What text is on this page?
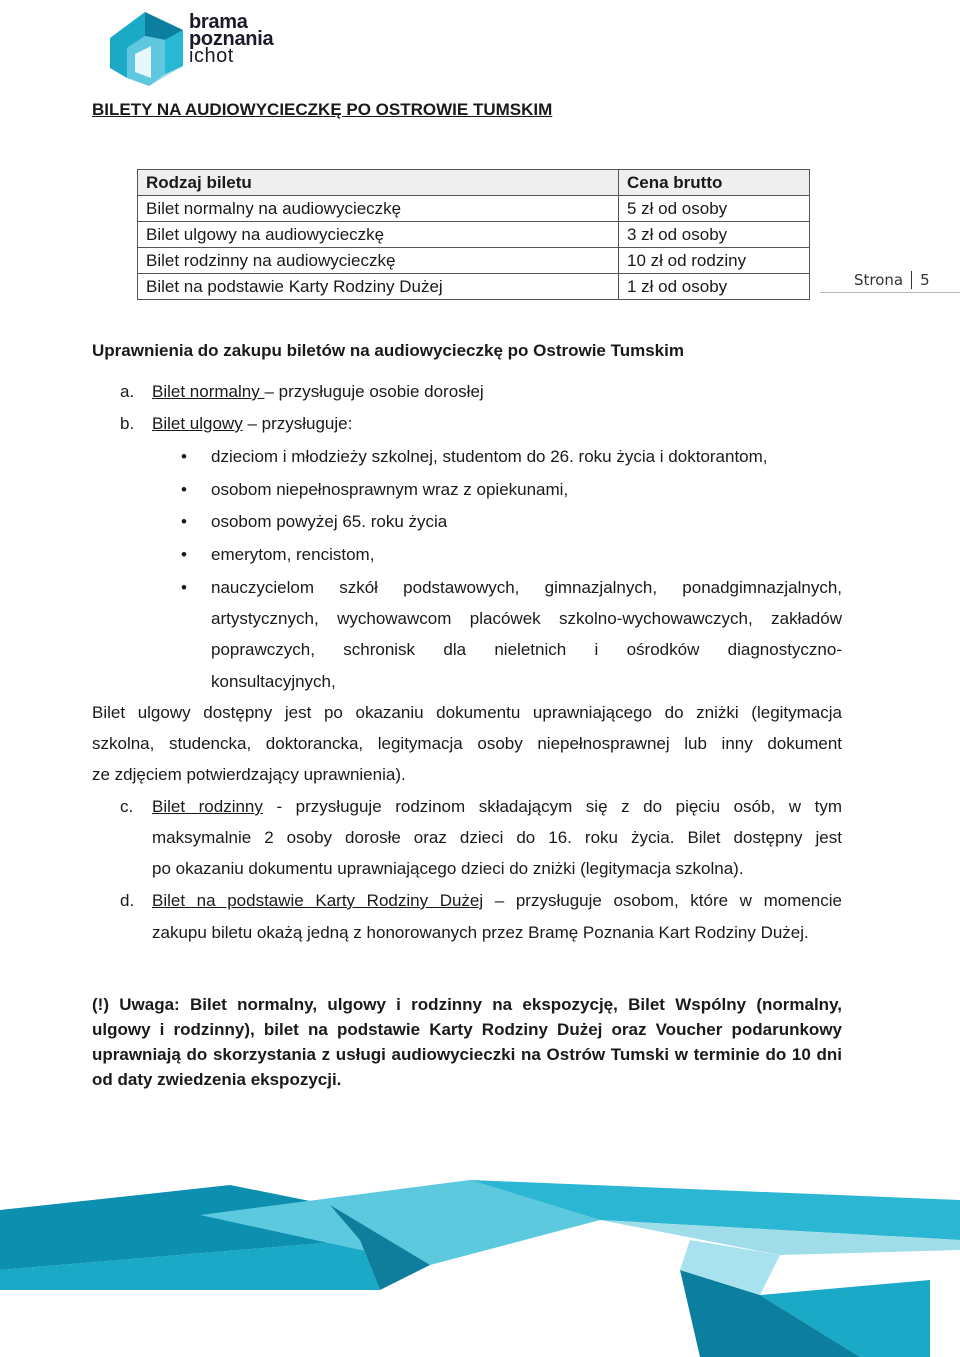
brama
poznania
ichot
BILETY NA AUDIOWYCIECZKĘ PO OSTROWIE TUMSKIM
Rodzaj biletu	Cena brutto
Bilet normalny na audiowycieczkę	5 zł od osoby
Bilet ulgowy na audiowycieczkę	3 zł od osoby
Bilet rodzinny na audiowycieczkę	10 zł od rodziny
Bilet na podstawie Karty Rodziny Dużej	1 zł od osoby	Strona 5
Uprawnienia do zakupu biletów na audiowycieczkę po Ostrowie Tumskim
a. Bilet normalny – przysługuje osobie dorosłej
b. Bilet ulgowy – przysługuje:
• dzieciom i młodzieży szkolnej, studentom do 26. roku życia i doktorantom,
• osobom niepełnosprawnym wraz z opiekunami,
• osobom powyżej 65. roku życia
• emerytom, rencistom,
• nauczycielom szkół podstawowych, gimnazjalnych, ponadgimnazjalnych,
artystycznych, wychowawcom placówek szkolno-wychowawczych, zakładów
poprawczych, schronisk dla nieletnich i ośrodków diagnostyczno-
konsultacyjnych,
Bilet ulgowy dostępny jest po okazaniu dokumentu uprawniającego do zniżki (legitymacja
szkolna, studencka, doktorancka, legitymacja osoby niepełnosprawnej lub inny dokument
ze zdjęciem potwierdzający uprawnienia).
c. Bilet rodzinny - przysługuje rodzinom składającym się z do pięciu osób, w tym
maksymalnie 2 osoby dorosłe oraz dzieci do 16. roku życia. Bilet dostępny jest
po okazaniu dokumentu uprawniającego dzieci do zniżki (legitymacja szkolna).
d. Bilet na podstawie Karty Rodziny Dużej – przysługuje osobom, które w momencie
zakupu biletu okażą jedną z honorowanych przez Bramę Poznania Kart Rodziny Dużej.
(!) Uwaga: Bilet normalny, ulgowy i rodzinny na ekspozycję, Bilet Wspólny (normalny, ulgowy i rodzinny), bilet na podstawie Karty Rodziny Dużej oraz Voucher podarunkowy uprawniają do skorzystania z usługi audiowycieczki na Ostrów Tumski w terminie do 10 dni od daty zwiedzenia ekspozycji.
